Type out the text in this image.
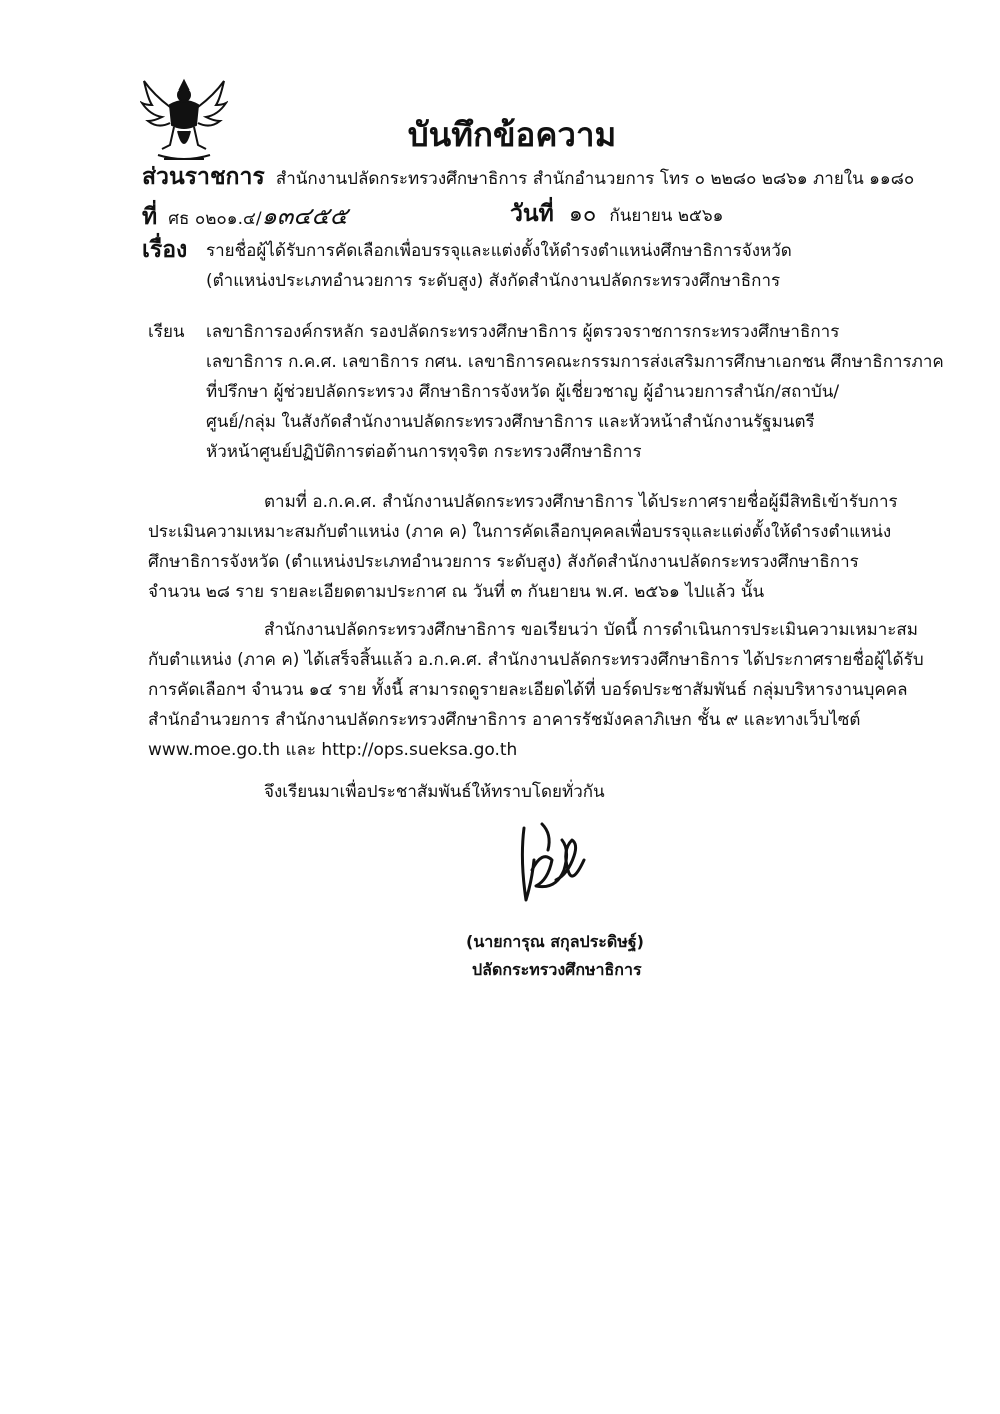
บันทึกข้อความ
ส่วนราชการ สำนักงานปลัดกระทรวงศึกษาธิการ สำนักอำนวยการ โทร ๐ ๒๒๘๐ ๒๘๖๑ ภายใน ๑๑๘๐
ที่ ศธ ๐๒๐๑.๔/๑๓๔๕๕	วันที่ ๑๐ กันยายน ๒๕๖๑
เรื่อง รายชื่อผู้ได้รับการคัดเลือกเพื่อบรรจุและแต่งตั้งให้ดำรงตำแหน่งศึกษาธิการจังหวัด
(ตำแหน่งประเภทอำนวยการ ระดับสูง) สังกัดสำนักงานปลัดกระทรวงศึกษาธิการ
เรียน เลขาธิการองค์กรหลัก รองปลัดกระทรวงศึกษาธิการ ผู้ตรวจราชการกระทรวงศึกษาธิการ
เลขาธิการ ก.ค.ศ. เลขาธิการ กศน. เลขาธิการคณะกรรมการส่งเสริมการศึกษาเอกชน ศึกษาธิการภาค
ที่ปรึกษา ผู้ช่วยปลัดกระทรวง ศึกษาธิการจังหวัด ผู้เชี่ยวชาญ ผู้อำนวยการสำนัก/สถาบัน/
ศูนย์/กลุ่ม ในสังกัดสำนักงานปลัดกระทรวงศึกษาธิการ และหัวหน้าสำนักงานรัฐมนตรี
หัวหน้าศูนย์ปฏิบัติการต่อต้านการทุจริต กระทรวงศึกษาธิการ
ตามที่ อ.ก.ค.ศ. สำนักงานปลัดกระทรวงศึกษาธิการ ได้ประกาศรายชื่อผู้มีสิทธิเข้ารับการ
ประเมินความเหมาะสมกับตำแหน่ง (ภาค ค) ในการคัดเลือกบุคคลเพื่อบรรจุและแต่งตั้งให้ดำรงตำแหน่ง
ศึกษาธิการจังหวัด (ตำแหน่งประเภทอำนวยการ ระดับสูง) สังกัดสำนักงานปลัดกระทรวงศึกษาธิการ
จำนวน ๒๘ ราย รายละเอียดตามประกาศ ณ วันที่ ๓ กันยายน พ.ศ. ๒๕๖๑ ไปแล้ว นั้น
สำนักงานปลัดกระทรวงศึกษาธิการ ขอเรียนว่า บัดนี้ การดำเนินการประเมินความเหมาะสม
กับตำแหน่ง (ภาค ค) ได้เสร็จสิ้นแล้ว อ.ก.ค.ศ. สำนักงานปลัดกระทรวงศึกษาธิการ ได้ประกาศรายชื่อผู้ได้รับ
การคัดเลือกฯ จำนวน ๑๔ ราย ทั้งนี้ สามารถดูรายละเอียดได้ที่ บอร์ดประชาสัมพันธ์ กลุ่มบริหารงานบุคคล
สำนักอำนวยการ สำนักงานปลัดกระทรวงศึกษาธิการ อาคารรัชมังคลาภิเษก ชั้น ๙ และทางเว็บไซต์
www.moe.go.th และ http://ops.sueksa.go.th
จึงเรียนมาเพื่อประชาสัมพันธ์ให้ทราบโดยทั่วกัน
(นายการุณ สกุลประดิษฐ์)
ปลัดกระทรวงศึกษาธิการ
